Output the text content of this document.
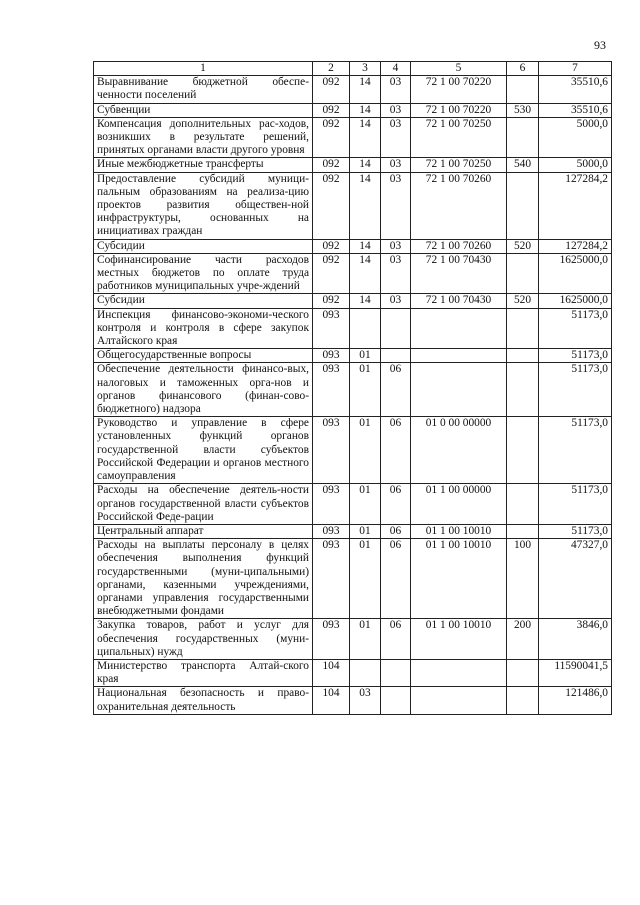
93
1	2	3	4	5	6	7
Выравнивание бюджетной обеспе-ченности поселений	092	14	03	72 1 00 70220		35510,6
Субвенции	092	14	03	72 1 00 70220	530	35510,6
Компенсация дополнительных рас-ходов, возникших в результате решений, принятых органами власти другого уровня	092	14	03	72 1 00 70250		5000,0
Иные межбюджетные трансферты	092	14	03	72 1 00 70250	540	5000,0
Предоставление субсидий муници-пальным образованиям на реализа-цию проектов развития обществен-ной инфраструктуры, основанных на инициативах граждан	092	14	03	72 1 00 70260		127284,2
Субсидии	092	14	03	72 1 00 70260	520	127284,2
Софинансирование части расходов местных бюджетов по оплате труда работников муниципальных учре-ждений	092	14	03	72 1 00 70430		1625000,0
Субсидии	092	14	03	72 1 00 70430	520	1625000,0
Инспекция финансово-экономи-ческого контроля и контроля в сфере закупок Алтайского края	093					51173,0
Общегосударственные вопросы	093	01				51173,0
Обеспечение деятельности финансо-вых, налоговых и таможенных орга-нов и органов финансового (финан-сово-бюджетного) надзора	093	01	06			51173,0
Руководство и управление в сфере установленных функций органов государственной власти субъектов Российской Федерации и органов местного самоуправления	093	01	06	01 0 00 00000		51173,0
Расходы на обеспечение деятель-ности органов государственной власти субъектов Российской Феде-рации	093	01	06	01 1 00 00000		51173,0
Центральный аппарат	093	01	06	01 1 00 10010		51173,0
Расходы на выплаты персоналу в целях обеспечения выполнения функций государственными (муни-ципальными) органами, казенными учреждениями, органами управления государственными внебюджетными фондами	093	01	06	01 1 00 10010	100	47327,0
Закупка товаров, работ и услуг для обеспечения государственных (муни-ципальных) нужд	093	01	06	01 1 00 10010	200	3846,0
Министерство транспорта Алтай-ского края	104					11590041,5
Национальная безопасность и право-охранительная деятельность	104	03				121486,0
